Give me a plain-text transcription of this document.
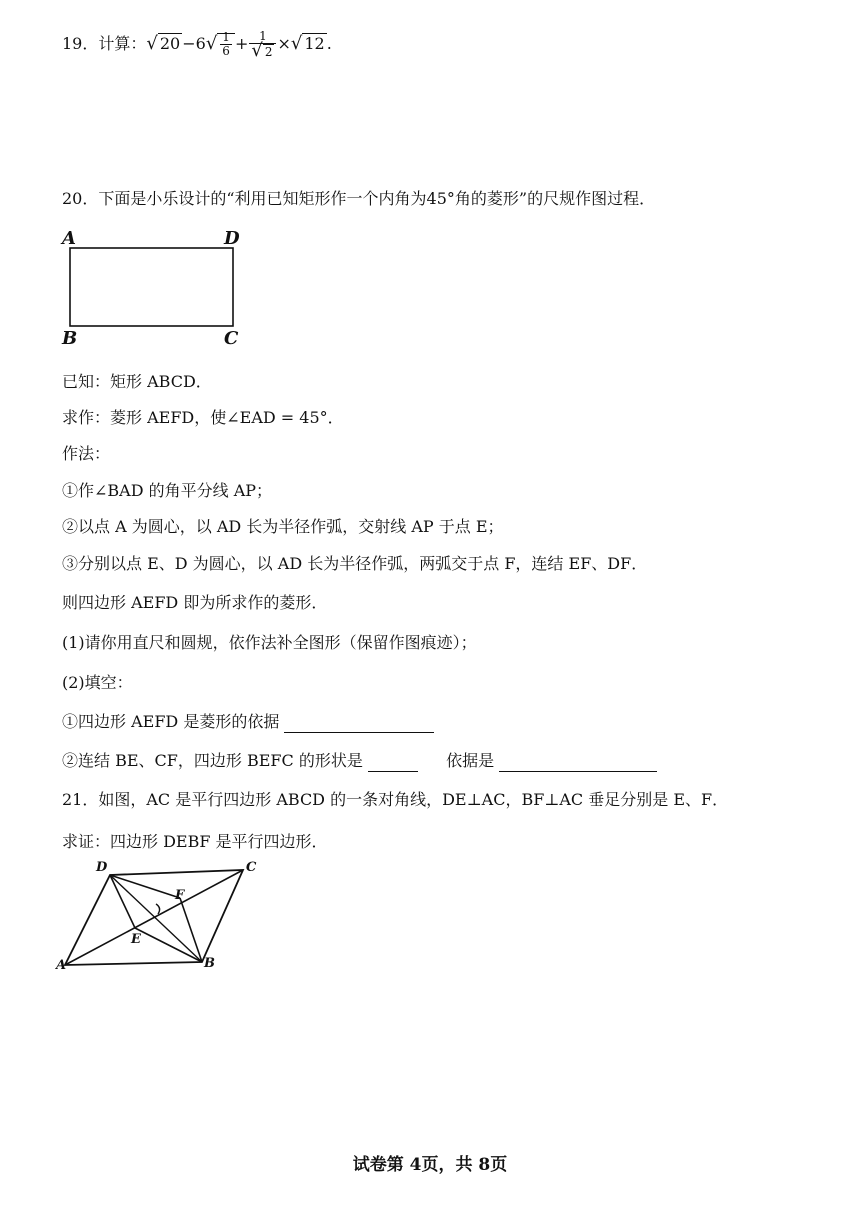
19．计算：√ $20 -6√ \frac{1}{6} + \frac{1}{√ 2}$ ×√ 12 .
20．下面是小乐设计的“利用已知矩形作一个内角为45°角的菱形”的尺规作图过程．
A	D
B	C
已知：矩形 ABCD．
求作：菱形 AEFD，使∠EAD = 45°．
作法：
①作∠BAD 的角平分线 AP；
②以点 A 为圆心，以 AD 长为半径作弧，交射线 AP 于点 E；
③分别以点 E、D 为圆心，以 AD 长为半径作弧，两弧交于点 F，连结 EF、DF．
则四边形 AEFD 即为所求作的菱形．
(1)请你用直尺和圆规，依作法补全图形（保留作图痕迹）；
(2)填空：
①四边形 AEFD 是菱形的依据
②连结 BE、CF，四边形 BEFC 的形状是	依据是
21．如图，AC 是平行四边形 ABCD 的一条对角线，DE⊥AC，BF⊥AC 垂足分别是 E、F．
求证：四边形 DEBF 是平行四边形．
D	C
F
E
A	B
试卷第 4页，共 8页
